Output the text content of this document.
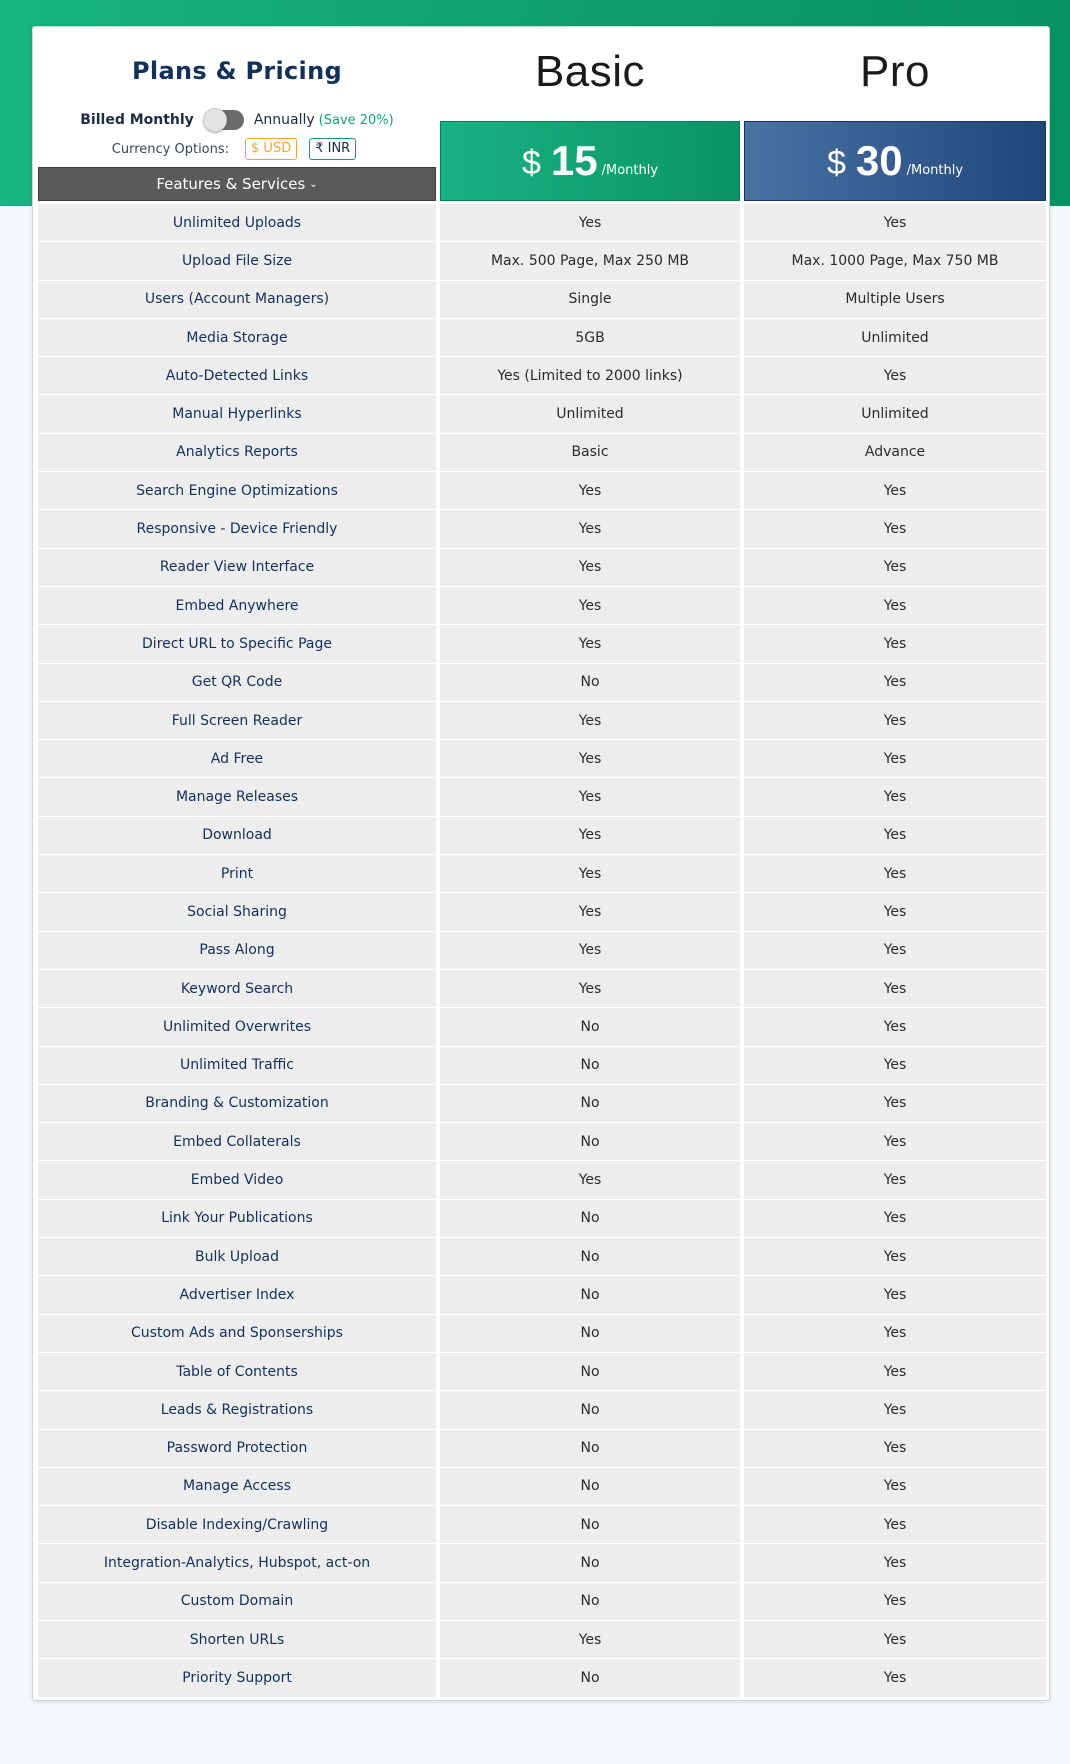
Plans & Pricing
Billed Monthly	Annually (Save 20%)
Currency Options:	$ USD	₹ INR
Features & Services ⌄
Basic	Pro
$ 15 /Monthly	$ 30 /Monthly
Unlimited Uploads	Yes	Yes
Upload File Size	Max. 500 Page, Max 250 MB	Max. 1000 Page, Max 750 MB
Users (Account Managers)	Single	Multiple Users
Media Storage	5GB	Unlimited
Auto-Detected Links	Yes (Limited to 2000 links)	Yes
Manual Hyperlinks	Unlimited	Unlimited
Analytics Reports	Basic	Advance
Search Engine Optimizations	Yes	Yes
Responsive - Device Friendly	Yes	Yes
Reader View Interface	Yes	Yes
Embed Anywhere	Yes	Yes
Direct URL to Specific Page	Yes	Yes
Get QR Code	No	Yes
Full Screen Reader	Yes	Yes
Ad Free	Yes	Yes
Manage Releases	Yes	Yes
Download	Yes	Yes
Print	Yes	Yes
Social Sharing	Yes	Yes
Pass Along	Yes	Yes
Keyword Search	Yes	Yes
Unlimited Overwrites	No	Yes
Unlimited Traffic	No	Yes
Branding & Customization	No	Yes
Embed Collaterals	No	Yes
Embed Video	Yes	Yes
Link Your Publications	No	Yes
Bulk Upload	No	Yes
Advertiser Index	No	Yes
Custom Ads and Sponserships	No	Yes
Table of Contents	No	Yes
Leads & Registrations	No	Yes
Password Protection	No	Yes
Manage Access	No	Yes
Disable Indexing/Crawling	No	Yes
Integration-Analytics, Hubspot, act-on	No	Yes
Custom Domain	No	Yes
Shorten URLs	Yes	Yes
Priority Support	No	Yes
